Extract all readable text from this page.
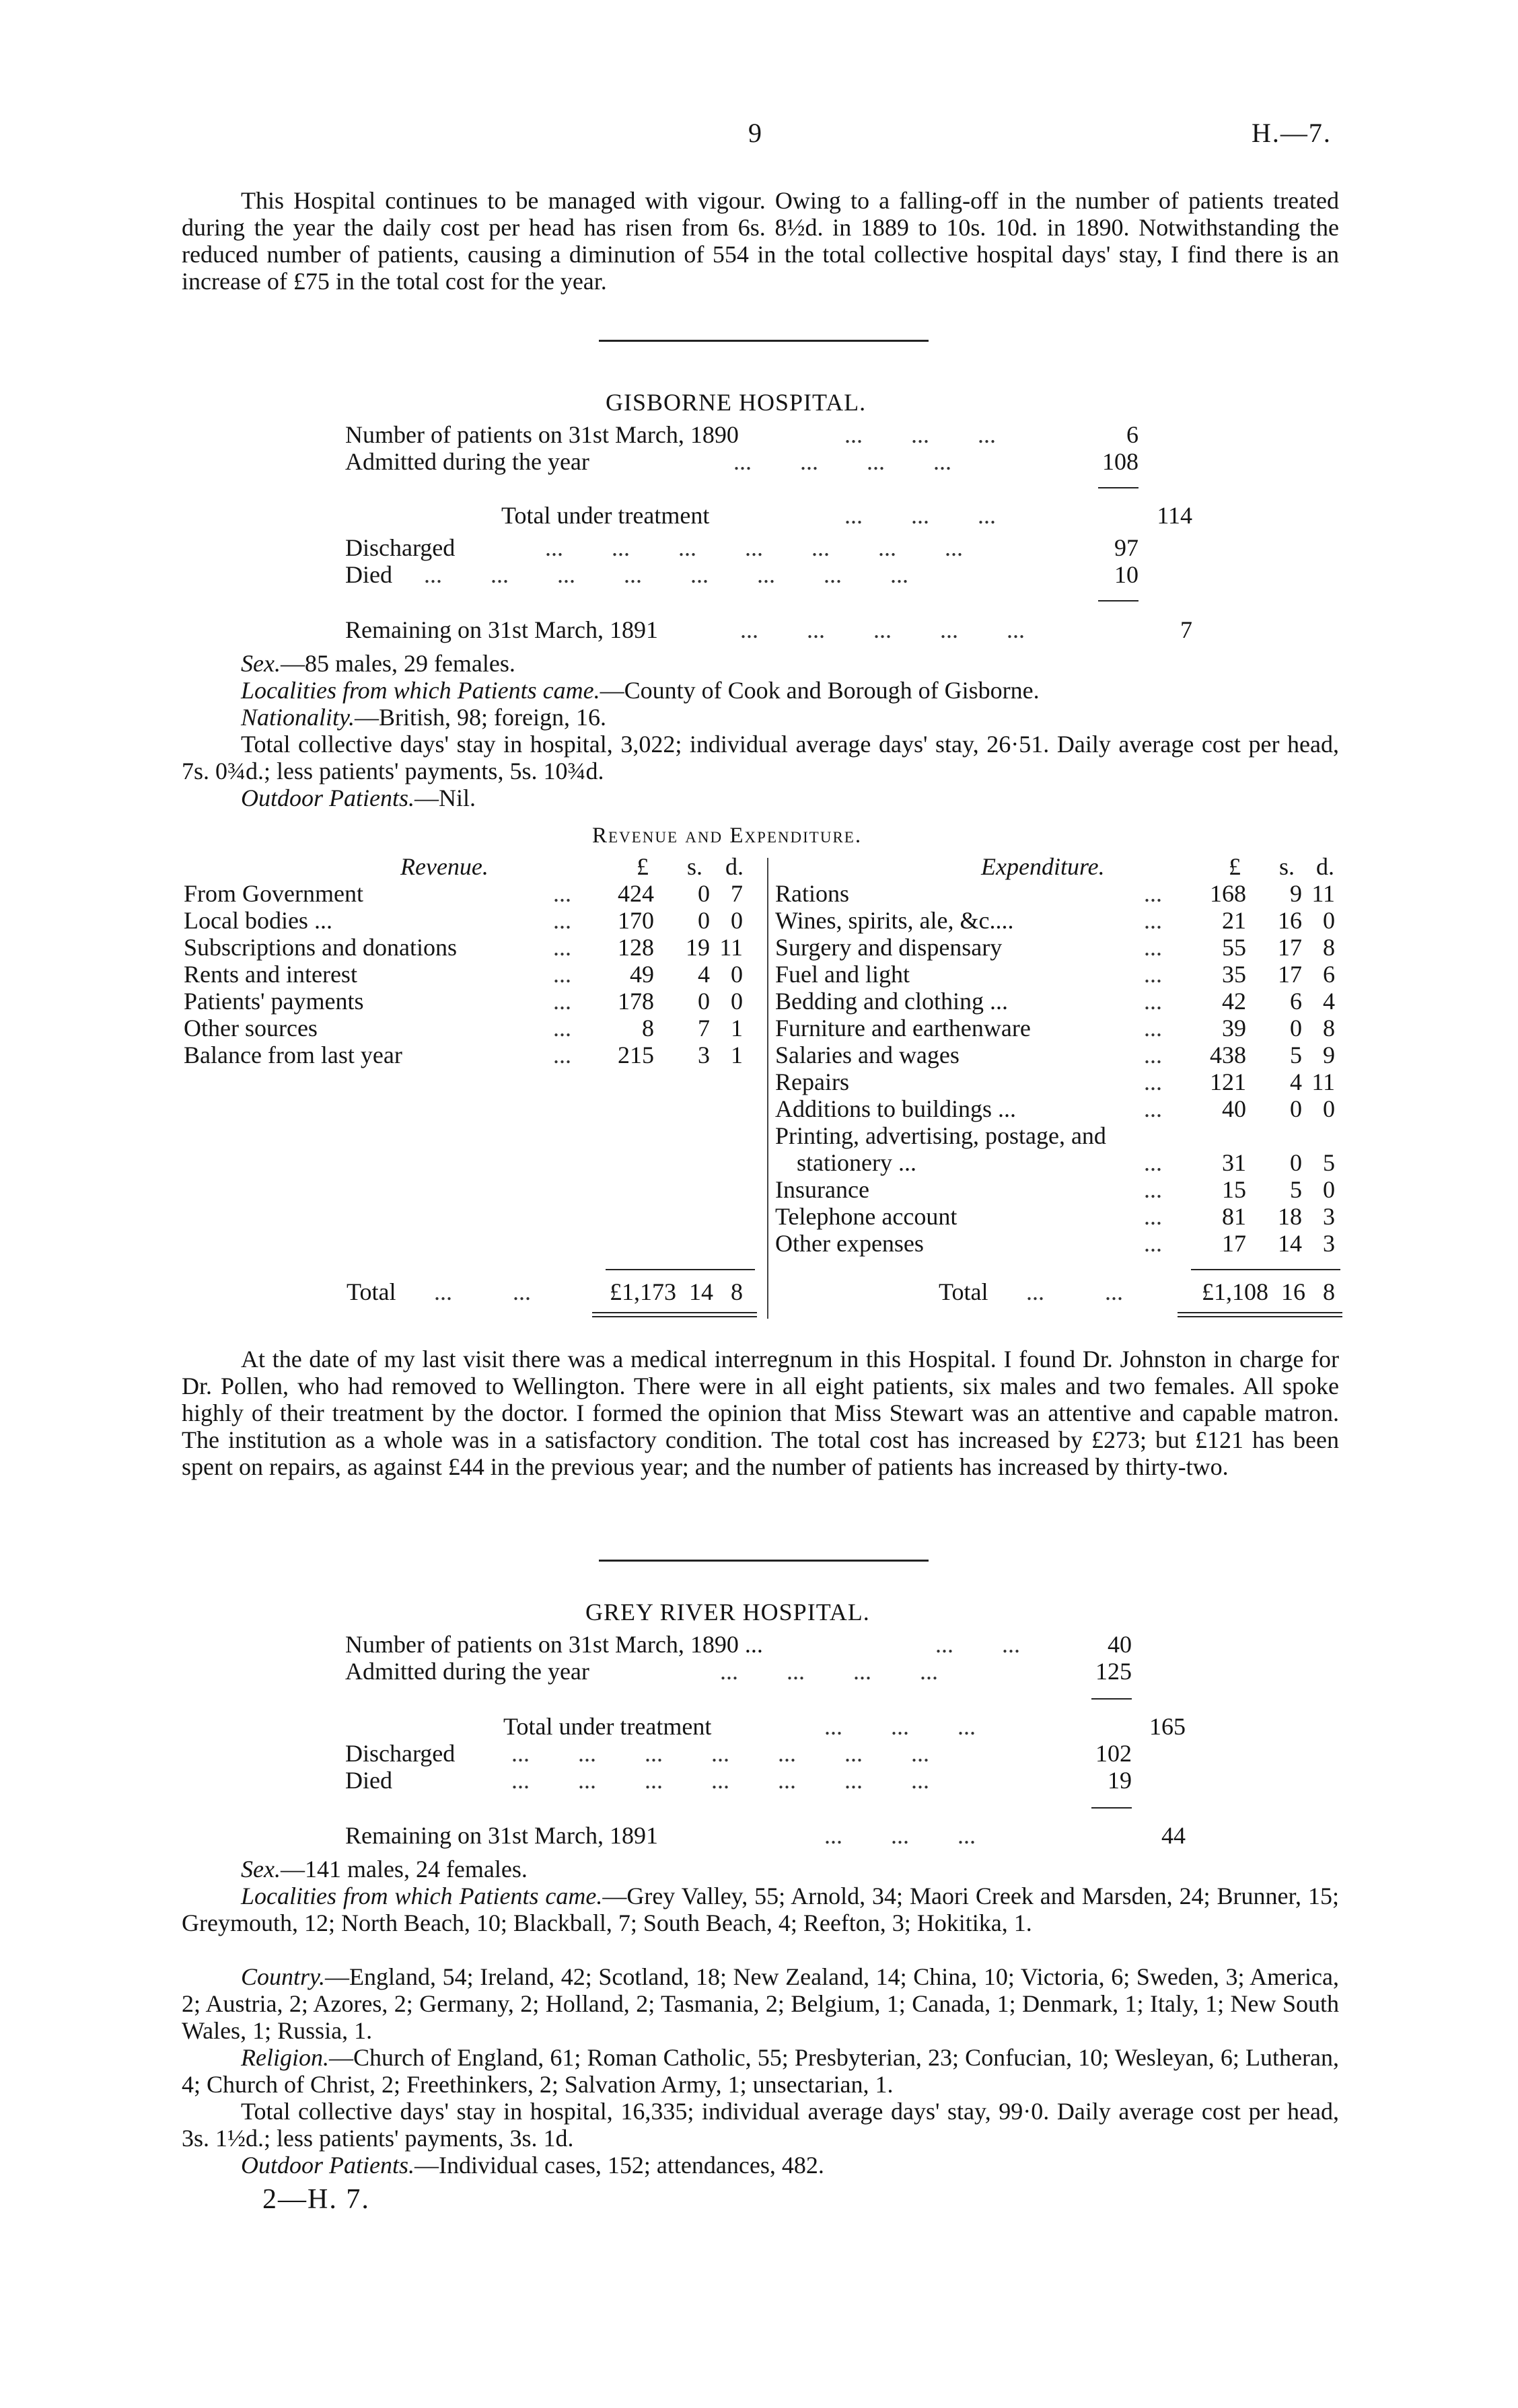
9	H.—7.
This Hospital continues to be managed with vigour. Owing to a falling-off in the number of patients treated during the year the daily cost per head has risen from 6s. 8½d. in 1889 to 10s. 10d. in 1890. Notwithstanding the reduced number of patients, causing a diminution of 554 in the total collective hospital days' stay, I find there is an increase of £75 in the total cost for the year.
GISBORNE HOSPITAL.
Number of patients on 31st March, 1890	...        ...        ...	6
Admitted during the year	...        ...        ...        ...	108
Total under treatment	...        ...        ...	114
Discharged	...        ...        ...        ...        ...        ...        ...	97
Died ...        ...        ...        ...        ...        ...        ...        ...	10
Remaining on 31st March, 1891	...        ...        ...        ...        ...	7
Sex.—85 males, 29 females.
Localities from which Patients came.—County of Cook and Borough of Gisborne.
Nationality.—British, 98; foreign, 16.
Total collective days' stay in hospital, 3,022; individual average days' stay, 26·51. Daily average cost per head, 7s. 0¾d.; less patients' payments, 5s. 10¾d.
Outdoor Patients.—Nil.
Revenue and Expenditure.
Revenue.	£ s. d.	Expenditure.	£ s. d.
From Government	...	424	0 7
Local bodies ...	...	170	0 0
Subscriptions and donations	...	128	19 11
Rents and interest	...	49	4 0
Patients' payments	...	178	0 0
Other sources	...	8	7 1
Balance from last year	...	215	3 1
Rations	...	168	9 11
Wines, spirits, ale, &c....	...	21	16 0
Surgery and dispensary	...	55	17 8
Fuel and light	...	35	17 6
Bedding and clothing ...	...	42	6 4
Furniture and earthenware	...	39	0 8
Salaries and wages	...	438	5 9
Repairs	...	121	4 11
Additions to buildings ...	...	40	0 0
Printing, advertising, postage, and
stationery ...	...	31	0 5
Insurance	...	15	5 0
Telephone account	...	81	18 3
Other expenses	...	17	14 3
Total ...          ...	£1,173 14 8	Total ...          ...	£1,108 16 8
At the date of my last visit there was a medical interregnum in this Hospital. I found Dr. Johnston in charge for Dr. Pollen, who had removed to Wellington. There were in all eight patients, six males and two females. All spoke highly of their treatment by the doctor. I formed the opinion that Miss Stewart was an attentive and capable matron. The institution as a whole was in a satisfactory condition. The total cost has increased by £273; but £121 has been spent on repairs, as against £44 in the previous year; and the number of patients has increased by thirty-two.
GREY RIVER HOSPITAL.
Number of patients on 31st March, 1890 ...	...        ...	40
Admitted during the year	...        ...        ...        ...	125
Total under treatment	...        ...        ...	165
Discharged ...        ...        ...        ...        ...        ...        ...	102
Died	...        ...        ...        ...        ...        ...        ...	19
Remaining on 31st March, 1891	...        ...        ...	44
Sex.—141 males, 24 females.
Localities from which Patients came.—Grey Valley, 55; Arnold, 34; Maori Creek and Marsden, 24; Brunner, 15; Greymouth, 12; North Beach, 10; Blackball, 7; South Beach, 4; Reefton, 3; Hokitika, 1.
Country.—England, 54; Ireland, 42; Scotland, 18; New Zealand, 14; China, 10; Victoria, 6; Sweden, 3; America, 2; Austria, 2; Azores, 2; Germany, 2; Holland, 2; Tasmania, 2; Belgium, 1; Canada, 1; Denmark, 1; Italy, 1; New South Wales, 1; Russia, 1.
Religion.—Church of England, 61; Roman Catholic, 55; Presbyterian, 23; Confucian, 10; Wesleyan, 6; Lutheran, 4; Church of Christ, 2; Freethinkers, 2; Salvation Army, 1; unsectarian, 1.
Total collective days' stay in hospital, 16,335; individual average days' stay, 99·0. Daily average cost per head, 3s. 1½d.; less patients' payments, 3s. 1d.
Outdoor Patients.—Individual cases, 152; attendances, 482.
2—H. 7.
